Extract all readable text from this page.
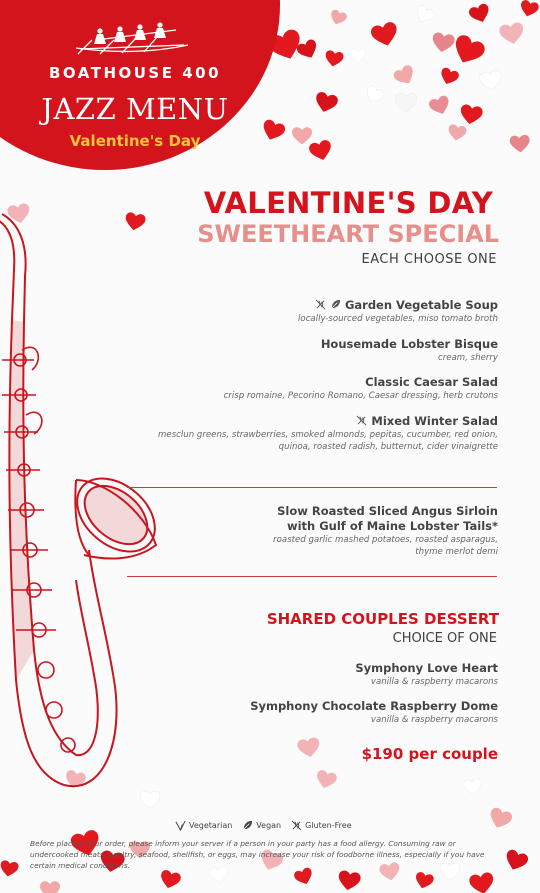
BOATHOUSE 400
JAZZ MENU
Valentine's Day
VALENTINE'S DAY
SWEETHEART SPECIAL
EACH CHOOSE ONE
Garden Vegetable Soup
locally-sourced vegetables, miso tomato broth
Housemade Lobster Bisque
cream, sherry
Classic Caesar Salad
crisp romaine, Pecorino Romano, Caesar dressing, herb crutons
Mixed Winter Salad
mesclun greens, strawberries, smoked almonds, pepitas, cucumber, red onion,
quinoa, roasted radish, butternut, cider vinaigrette
Slow Roasted Sliced Angus Sirloin
with Gulf of Maine Lobster Tails*
roasted garlic mashed potatoes, roasted asparagus,
thyme merlot demi
SHARED COUPLES DESSERT
CHOICE OF ONE
Symphony Love Heart
vanilla & raspberry macarons
Symphony Chocolate Raspberry Dome
vanilla & raspberry macarons
$190 per couple
Vegetarian	Vegan	Gluten-Free
Before placing your order, please inform your server if a person in your party has a food allergy. Consuming raw or undercooked meats, poultry, seafood, shellfish, or eggs, may increase your risk of foodborne illness, especially if you have certain medical conditions.
